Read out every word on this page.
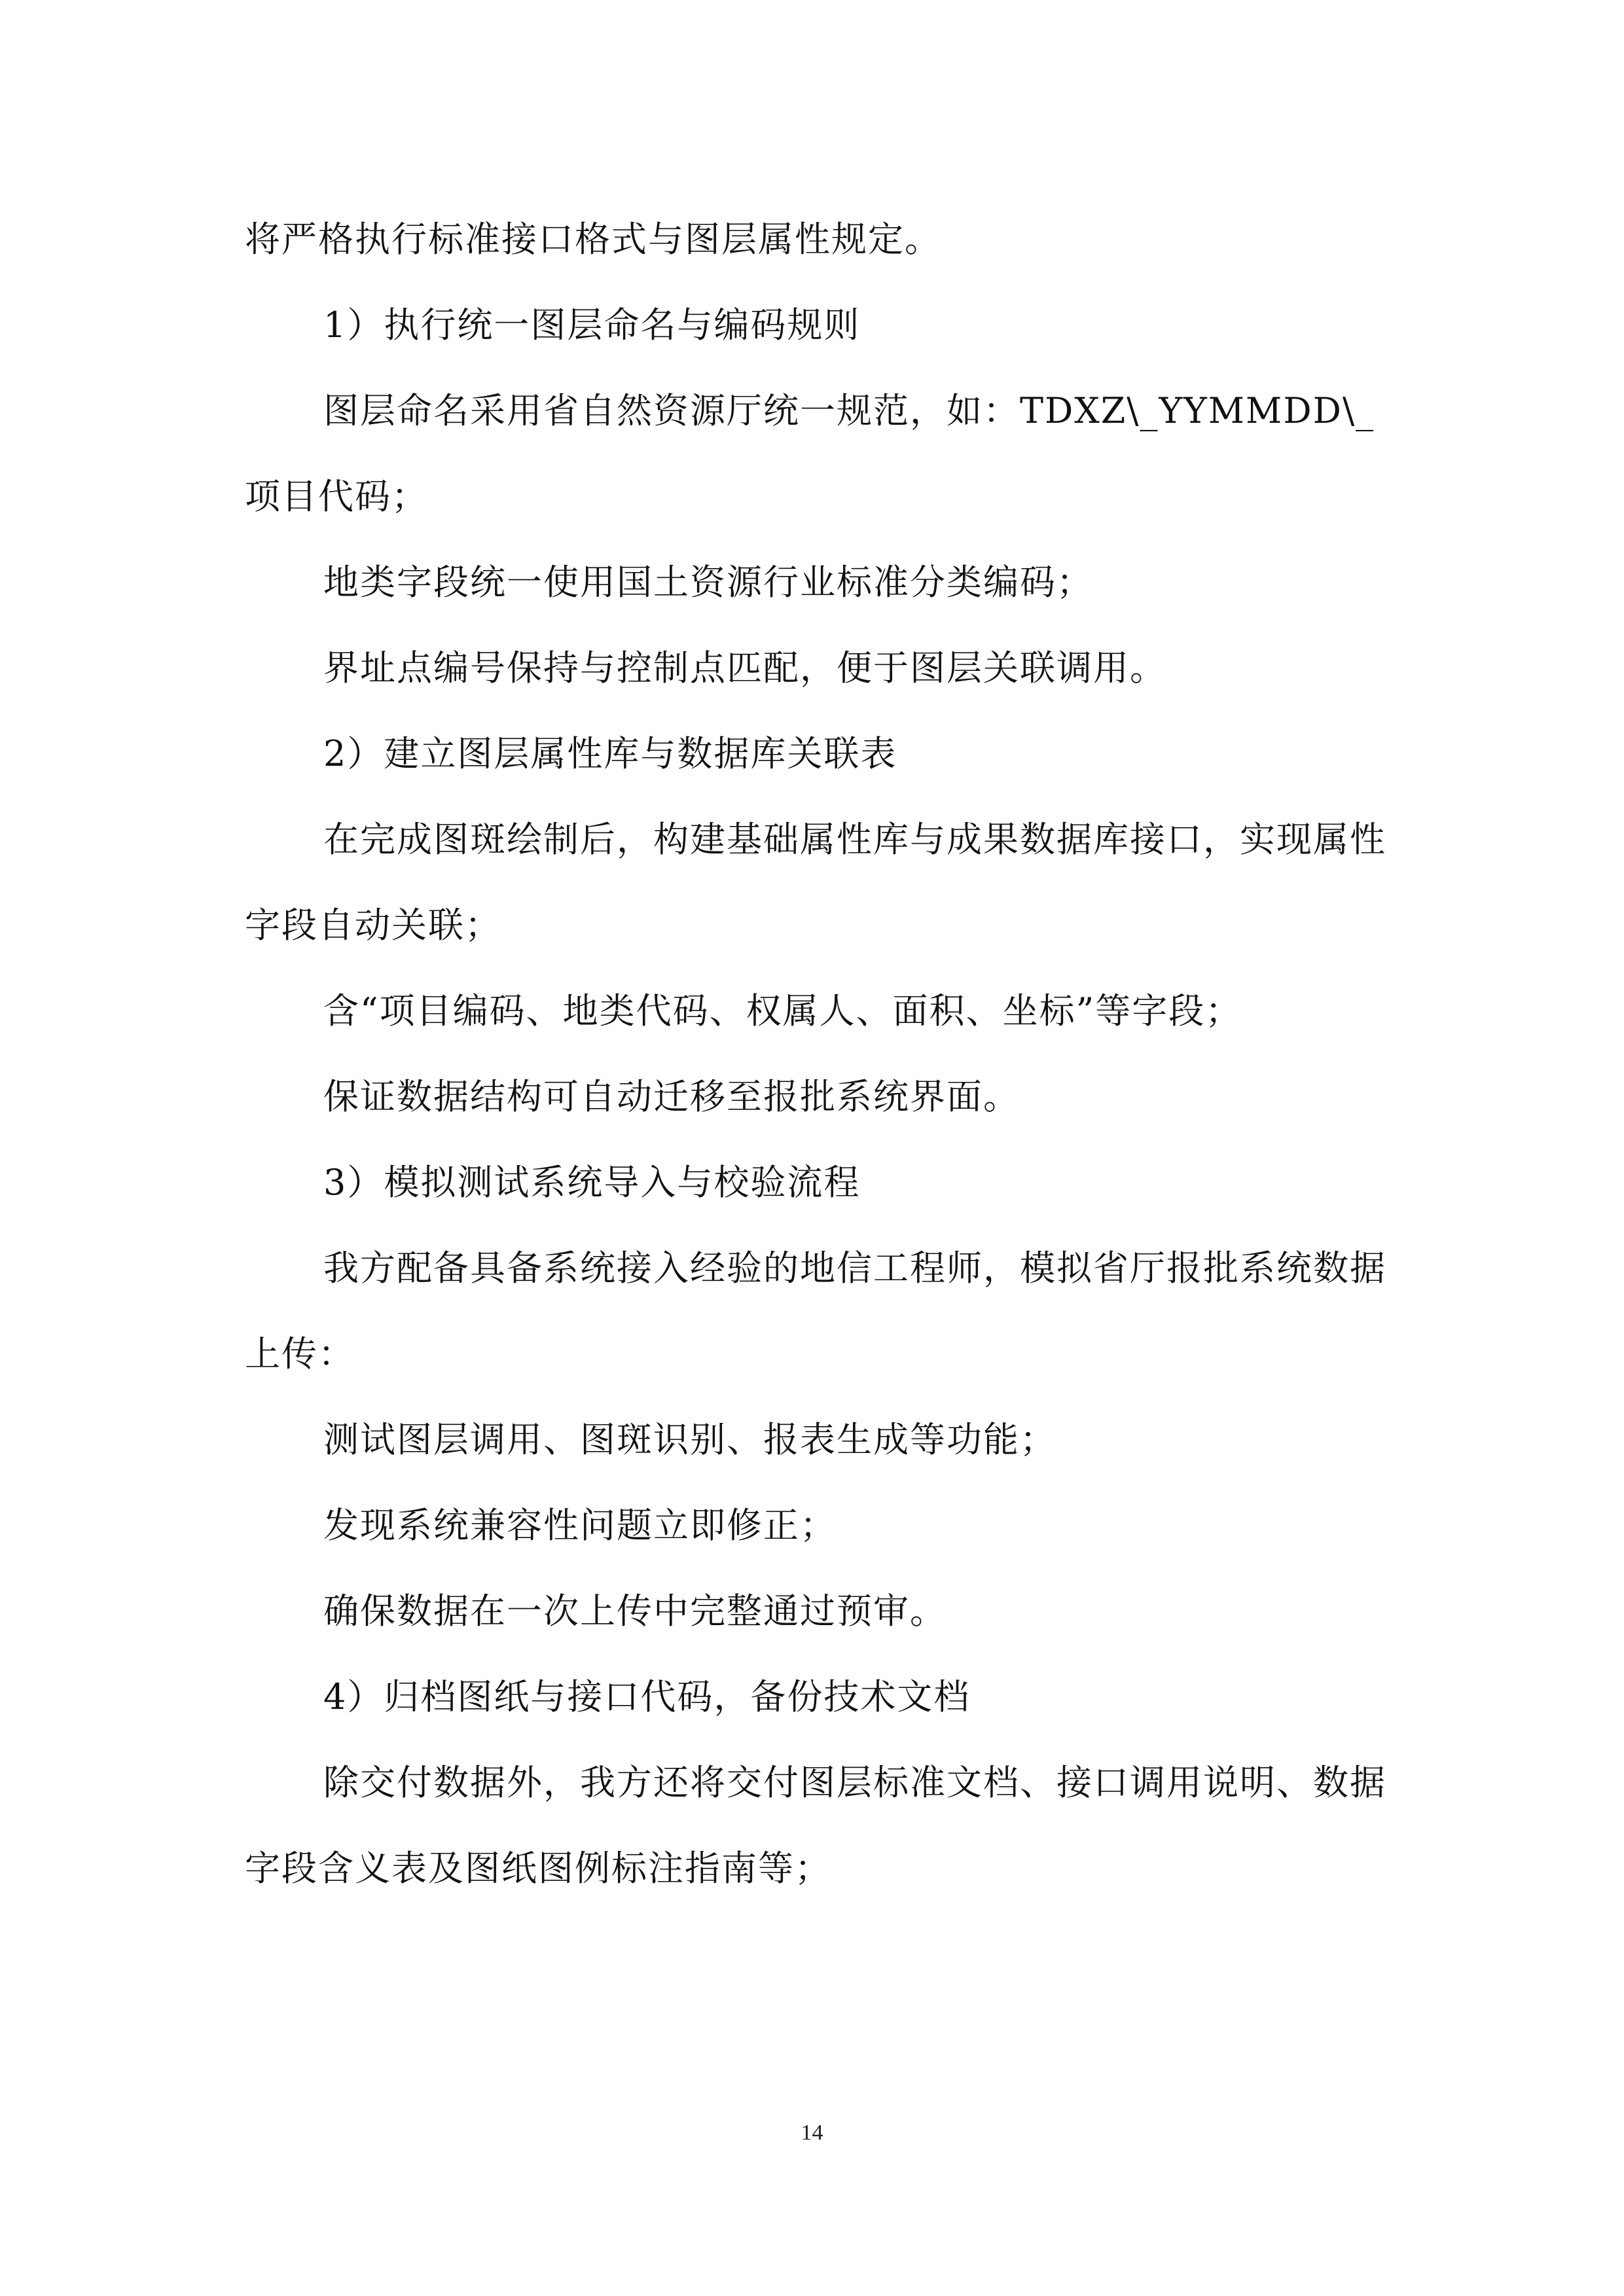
将严格执行标准接口格式与图层属性规定。

1）执行统一图层命名与编码规则

图层命名采用省自然资源厅统一规范，如：TDXZ\_YYMMDD\_项目代码；

地类字段统一使用国土资源行业标准分类编码；

界址点编号保持与控制点匹配，便于图层关联调用。

2）建立图层属性库与数据库关联表

在完成图斑绘制后，构建基础属性库与成果数据库接口，实现属性字段自动关联；

含“项目编码、地类代码、权属人、面积、坐标”等字段；

保证数据结构可自动迁移至报批系统界面。

3）模拟测试系统导入与校验流程

我方配备具备系统接入经验的地信工程师，模拟省厅报批系统数据上传：

测试图层调用、图斑识别、报表生成等功能；

发现系统兼容性问题立即修正；

确保数据在一次上传中完整通过预审。

4）归档图纸与接口代码，备份技术文档

除交付数据外，我方还将交付图层标准文档、接口调用说明、数据字段含义表及图纸图例标注指南等；

14
